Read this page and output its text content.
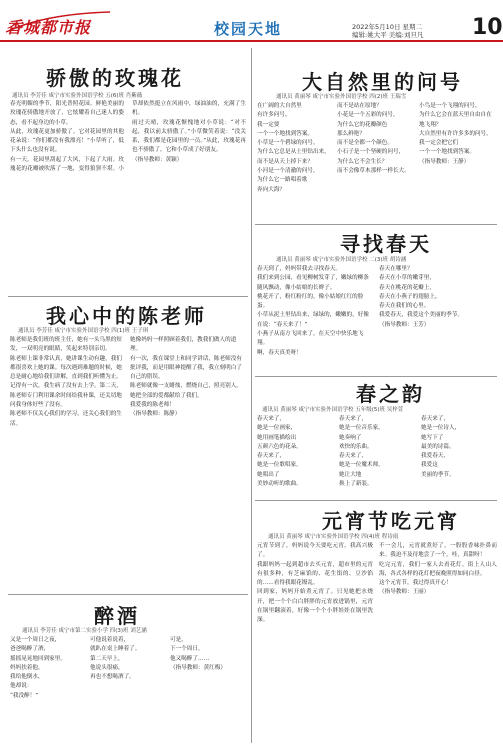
香城都市报	校园天地	2022年5月10日 星期二
编辑:姚大平 美编:刘旦凡 10
骄傲的玫瑰花
通讯员 李芳佳 咸宁市实验外国语学校 五(6)班 肖紫薇
春光明媚的季节，阳光普照花园。鲜艳美丽的玫瑰花骄傲地开放了，它炫耀着自己迷人的姿态，看不起身边的小草。
从此，玫瑰花更加骄傲了。它对花园里的其他花朵说：“你们都没有我漂亮！”小草听了，低下头什么也没有说。
有一天，花园里刮起了大风，下起了大雨。玫瑰花的花瓣被吹落了一地，变得狼狈不堪。小草却依然挺立在风雨中，绿油油的，充满了生机。
雨过天晴，玫瑰花惭愧地对小草说：“对不起，我以前太骄傲了。”小草微笑着说：“没关系，我们都是花园里的一员。”从此，玫瑰花再也不骄傲了，它和小草成了好朋友。
（指导教师：黄颖）
我心中的陈老师
通讯员 李芳佳 咸宁市实验外国语学校 四(1)班 王子琪
陈老师是我们班的班主任，她有一头乌黑的短发，一双明亮的眼睛，笑起来特别亲切。
陈老师上课非常认真，她讲课生动有趣，我们都很喜欢上她的课。每次遇到难题的时候，她总是耐心地给我们讲解，直到我们听懂为止。
记得有一次，我生病了没有去上学。第二天，陈老师专门利用课余时间给我补课，还关切地问我身体好些了没有。
陈老师不仅关心我们的学习，还关心我们的生活。
她像妈妈一样照顾着我们，教我们做人的道理。
有一次，我在课堂上和同学讲话，陈老师没有批评我，而是用眼神提醒了我，我立刻明白了自己的错误。
陈老师就像一支蜡烛，燃烧自己，照亮别人。她把全部的爱都献给了我们。
我爱我的陈老师！
（指导教师：陈静）
醉酒
通讯员 李芳佳 咸宁市第二实验小学 四(3)班 刘艺涵
又是一个周日之夜，
爸爸喝醉了酒，
摇摇晃晃地回到家里。
妈妈扶着他，
我给他倒水，
他却说：
“我没醉！”
可他说着说着，
就趴在桌上睡着了。
第二天早上，
他说头很痛，
再也不想喝酒了。
可是，
下一个周日，
他又喝醉了……
（指导教师：黄红梅）
大自然里的问号
通讯员 黄丽琴 咸宁市实验外国语学校 四(2)班 王瑞雪
在广阔的大自然里
有许多问号，
我一定要
一个一个地找到答案。
小草是一个碧绿的问号，
为什么它总是从土里钻出来，
而不是从天上掉下来？
小河是一个清澈的问号，
为什么它一路唱着歌
奔向大海？
而不是站在原地？
小花是一个五彩的问号，
为什么它的花瓣颜色
那么鲜艳？
而不是全都一个颜色。
小石子是一个坚硬的问号，
为什么它不会生长？
而不会像草木那样一样长大。
小鸟是一个飞翔的问号，
为什么它会在蓝天里自由自在地飞翔？
大自然里有许许多多的问号，
我一定会把它们
一个一个地找到答案。
（指导教师：王静）
寻找春天
通讯员 黄丽琴 咸宁市实验外国语学校 二(3)班 胡诗涵
春天到了，妈妈带我去寻找春天。
我们来到公园，看见柳树发芽了，嫩绿的柳条随风飘动，像小姑娘的长辫子。
桃花开了，粉红粉红的，像小姑娘红红的脸蛋。
小草从泥土里钻出来，绿绿的，嫩嫩的，好像在说：“春天来了！”
小燕子从南方飞回来了，在天空中快乐地飞翔。
啊，春天真美呀！
春天在哪里？
春天在小草的嫩芽里，
春天在桃花的花瓣上，
春天在小燕子的翅膀上，
春天在我们的心里。
我爱春天，我爱这个美丽的季节。
（指导教师：王芳）
春之韵
通讯员 黄丽琴 咸宁市实验外国语学校 五年级(5)班 吴梓萱
春天来了，
她是一位画家，
她用画笔描绘出
五颜六色的花朵。
春天来了，
她是一位歌唱家，
她唱出了
美妙动听的歌曲。
春天来了，
她是一位音乐家，
她奏响了
欢快的乐曲。
春天来了，
她是一位魔术师，
她让大地
换上了新装。
春天来了，
她是一位诗人，
她写下了
最美的诗篇。
我爱春天，
我爱这
美丽的季节。
元宵节吃元宵
通讯员 黄丽琴 咸宁市实验外国语学校 四(4)班 程诗雨
元宵节到了，妈妈说今天要吃元宵，我高兴极了。
我跟妈妈一起到超市去买元宵，超市里的元宵有很多种，有芝麻馅的、花生馅的、豆沙馅的……看得我眼花缭乱。
回到家，妈妈开始煮元宵了。只见她把水烧开，把一个个白白胖胖的元宵放进锅里，元宵在锅里翻滚着，好像一个个小胖娃娃在锅里洗澡。
不一会儿，元宵就煮好了，一股股香味扑鼻而来。我迫不及待地尝了一个，哇，真甜呀！
吃完元宵，我们一家人去看花灯。街上人山人海，各式各样的花灯把夜晚照得如同白昼。
这个元宵节，我过得真开心！
（指导教师：王丽）
